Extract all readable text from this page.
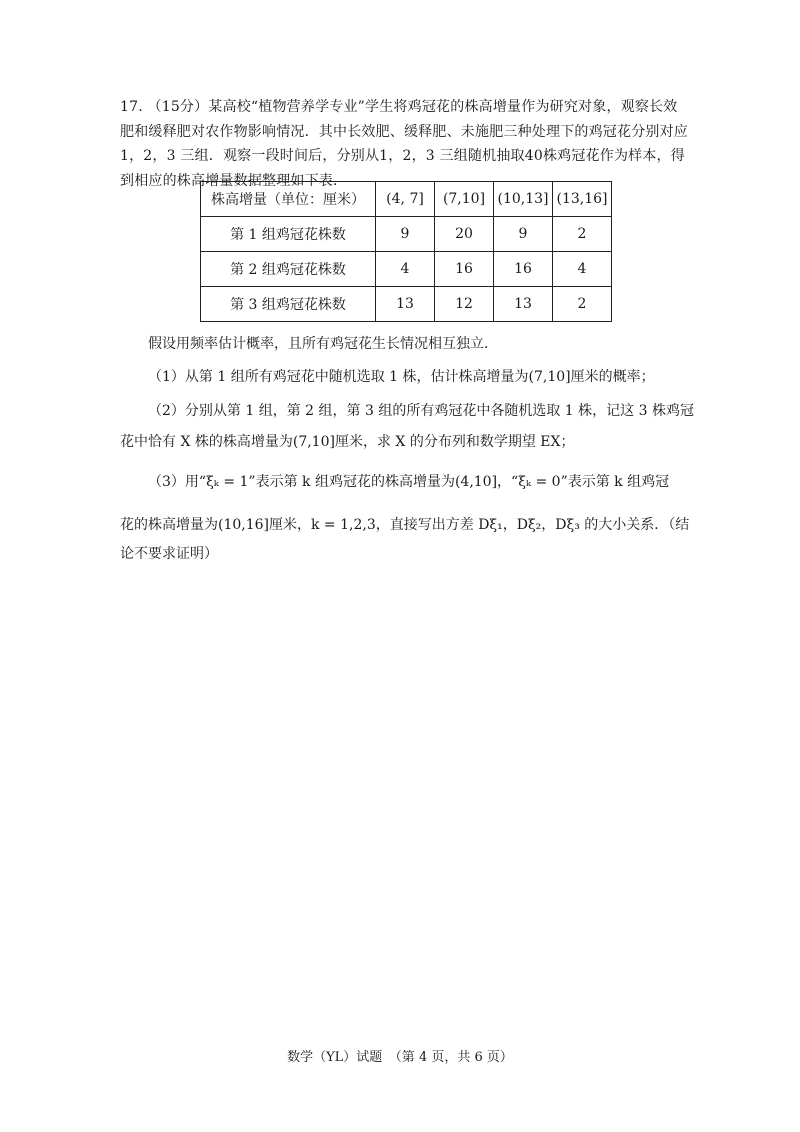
17. （15分）某高校“植物营养学专业”学生将鸡冠花的株高增量作为研究对象，观察长效肥和缓释肥对农作物影响情况．其中长效肥、缓释肥、未施肥三种处理下的鸡冠花分别对应1，2，3 三组．观察一段时间后，分别从1，2，3 三组随机抽取40株鸡冠花作为样本，得到相应的株高增量数据整理如下表．

株高增量（单位：厘米）	(4, 7]	(7,10]	(10,13]	(13,16]
第 1 组鸡冠花株数	9	20	9	2
第 2 组鸡冠花株数	4	16	16	4
第 3 组鸡冠花株数	13	12	13	2
假设用频率估计概率，且所有鸡冠花生长情况相互独立．
（1）从第 1 组所有鸡冠花中随机选取 1 株，估计株高增量为(7,10]厘米的概率；
（2）分别从第 1 组，第 2 组，第 3 组的所有鸡冠花中各随机选取 1 株，记这 3 株鸡冠
花中恰有 X 株的株高增量为(7,10]厘米，求 X 的分布列和数学期望 EX；
（3）用“ξₖ = 1”表示第 k 组鸡冠花的株高增量为(4,10]，“ξₖ = 0”表示第 k 组鸡冠
花的株高增量为(10,16]厘米，k = 1,2,3，直接写出方差 Dξ₁，Dξ₂，Dξ₃ 的大小关系．（结
论不要求证明）
数学（YL）试题　（第 4 页，共 6 页）
